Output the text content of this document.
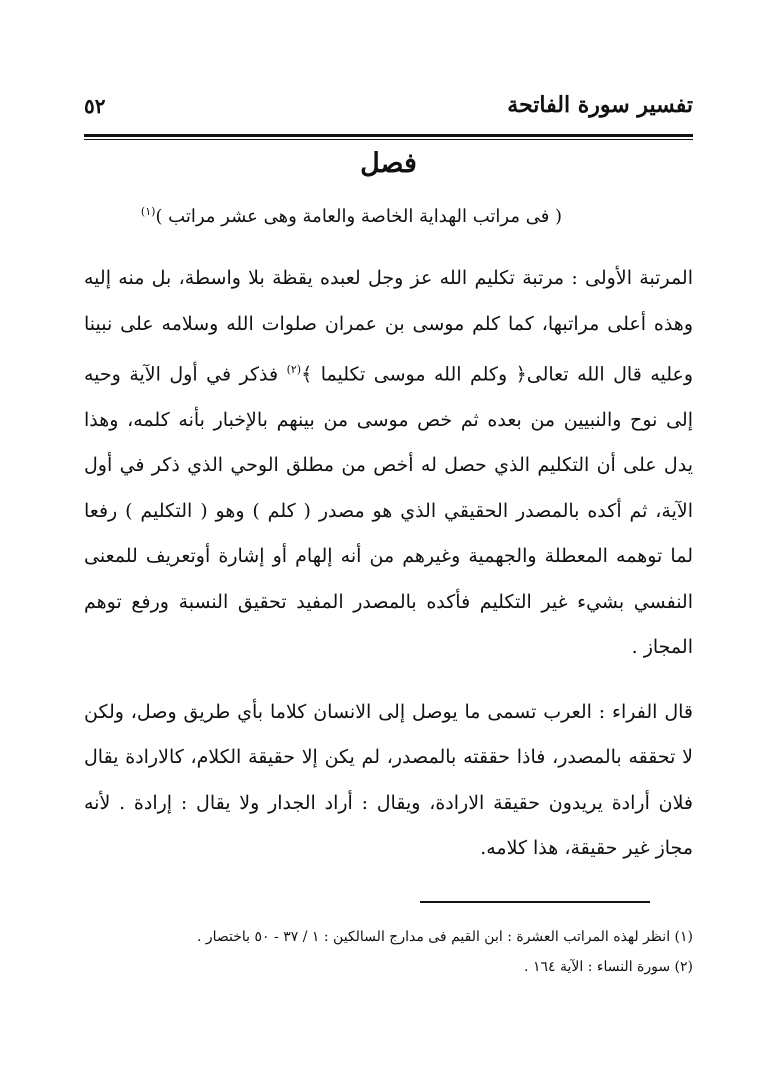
تفسير سورة الفاتحة
٥٢
فصل
( فى مراتب الهداية الخاصة والعامة وهى عشر مراتب )$^{(١)}$

المرتبة الأولى : مرتبة تكليم الله عز وجل لعبده يقظة بلا واسطة، بل منه إليه وهذه أعلى مراتبها، كما كلم موسى بن عمران صلوات الله وسلامه على نبينا وعليه قال الله تعالى﴿ وكلم الله موسى تكليما ﴾$^{(٢)}$ فذكر في أول الآية وحيه إلى نوح والنبيين من بعده ثم خص موسى من بينهم بالإخبار بأنه كلمه، وهذا يدل على أن التكليم الذي حصل له أخص من مطلق الوحي الذي ذكر في أول الآية، ثم أكده بالمصدر الحقيقي الذي هو مصدر ( كلم ) وهو ( التكليم ) رفعا لما توهمه المعطلة والجهمية وغيرهم من أنه إلهام أو إشارة أوتعريف للمعنى النفسي بشيء غير التكليم فأكده بالمصدر المفيد تحقيق النسبة ورفع توهم المجاز .

قال الفراء : العرب تسمى ما يوصل إلى الانسان كلاما بأي طريق وصل، ولكن لا تحققه بالمصدر، فاذا حققته بالمصدر، لم يكن إلا حقيقة الكلام، كالارادة يقال فلان أرادة يريدون حقيقة الارادة، ويقال : أراد الجدار ولا يقال : إرادة . لأنه مجاز غير حقيقة، هذا كلامه.

(١) انظر لهذه المراتب العشرة : ابن القيم فى مدارج السالكين : ١ / ٣٧ - ٥٠ باختصار .
(٢) سورة النساء : الآية ١٦٤ .
